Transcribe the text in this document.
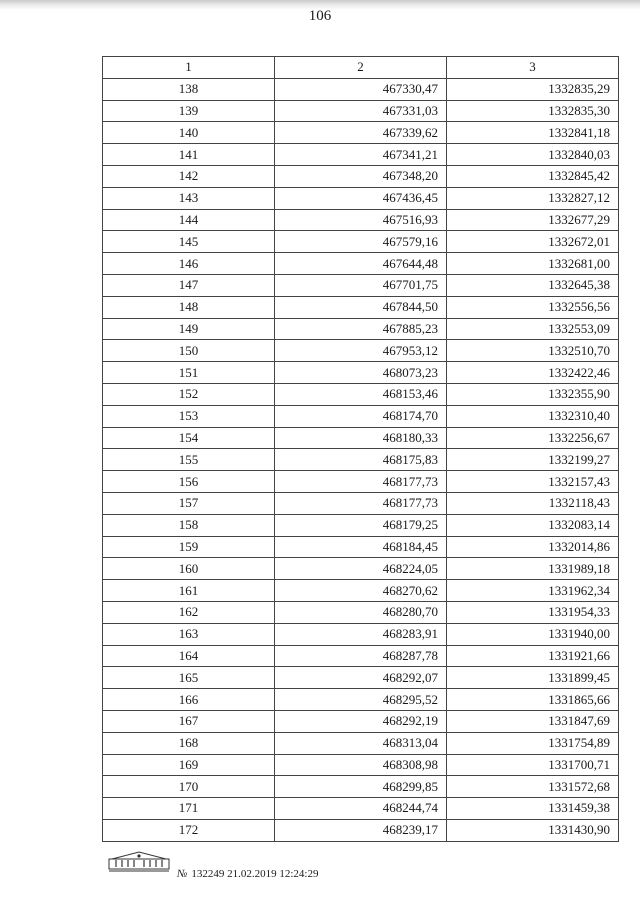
106
1	2	3
138	467330,47	1332835,29
139	467331,03	1332835,30
140	467339,62	1332841,18
141	467341,21	1332840,03
142	467348,20	1332845,42
143	467436,45	1332827,12
144	467516,93	1332677,29
145	467579,16	1332672,01
146	467644,48	1332681,00
147	467701,75	1332645,38
148	467844,50	1332556,56
149	467885,23	1332553,09
150	467953,12	1332510,70
151	468073,23	1332422,46
152	468153,46	1332355,90
153	468174,70	1332310,40
154	468180,33	1332256,67
155	468175,83	1332199,27
156	468177,73	1332157,43
157	468177,73	1332118,43
158	468179,25	1332083,14
159	468184,45	1332014,86
160	468224,05	1331989,18
161	468270,62	1331962,34
162	468280,70	1331954,33
163	468283,91	1331940,00
164	468287,78	1331921,66
165	468292,07	1331899,45
166	468295,52	1331865,66
167	468292,19	1331847,69
168	468313,04	1331754,89
169	468308,98	1331700,71
170	468299,85	1331572,68
171	468244,74	1331459,38
172	468239,17	1331430,90
№ 132249 21.02.2019 12:24:29
